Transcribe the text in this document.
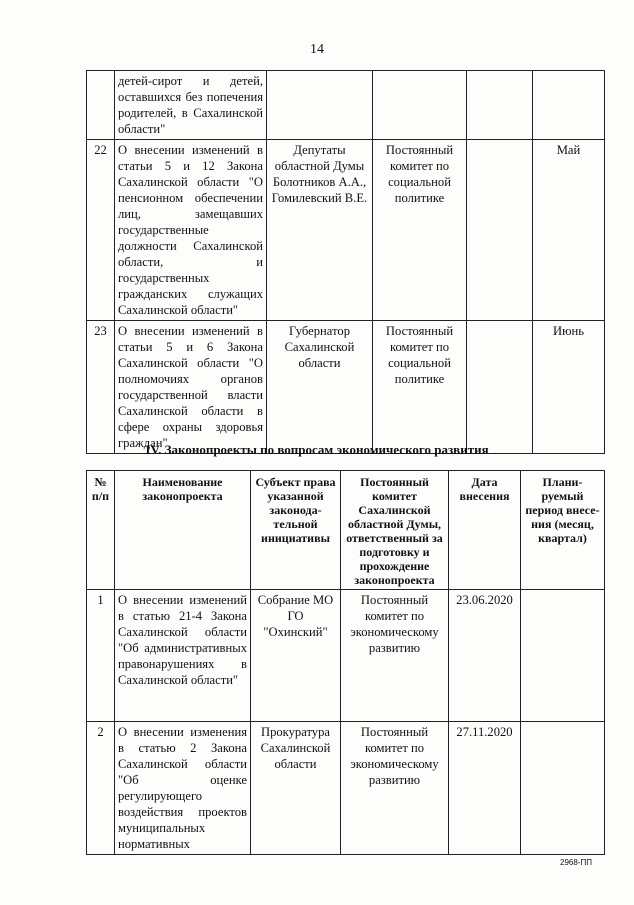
14
	детей-сирот и детей, оставшихся без попечения родителей, в Сахалинской области"				
22	О внесении изменений в статьи 5 и 12 Закона Сахалинской области "О пенсионном обеспечении лиц, замещавших государственные должности Сахалинской области, и государственных гражданских служащих Сахалинской области"	Депутаты областной Думы Болотников А.А., Гомилевский В.Е.	Постоянный комитет по социальной политике		Май
23	О внесении изменений в статьи 5 и 6 Закона Сахалинской области "О полномочиях органов государственной власти Сахалинской области в сфере охраны здоровья граждан"	Губернатор Сахалинской области	Постоянный комитет по социальной политике		Июнь
IV. Законопроекты по вопросам экономического развития
№ п/п	Наименование законопроекта	Субъект права указанной законода-тельной инициативы	Постоянный комитет Сахалинской областной Думы, ответственный за подготовку и прохождение законопроекта	Дата внесения	Плани-руемый период внесе-ния (месяц, квартал)
1	О внесении изменений в статью 21-4 Закона Сахалинской области "Об административных правонарушениях в Сахалинской области"	Собрание МО ГО "Охинский"	Постоянный комитет по экономическому развитию	23.06.2020	
2	О внесении изменения в статью 2 Закона Сахалинской области "Об оценке регулирующего воздействия проектов муниципальных нормативных	Прокуратура Сахалинской области	Постоянный комитет по экономическому развитию	27.11.2020	
2968-ПП
